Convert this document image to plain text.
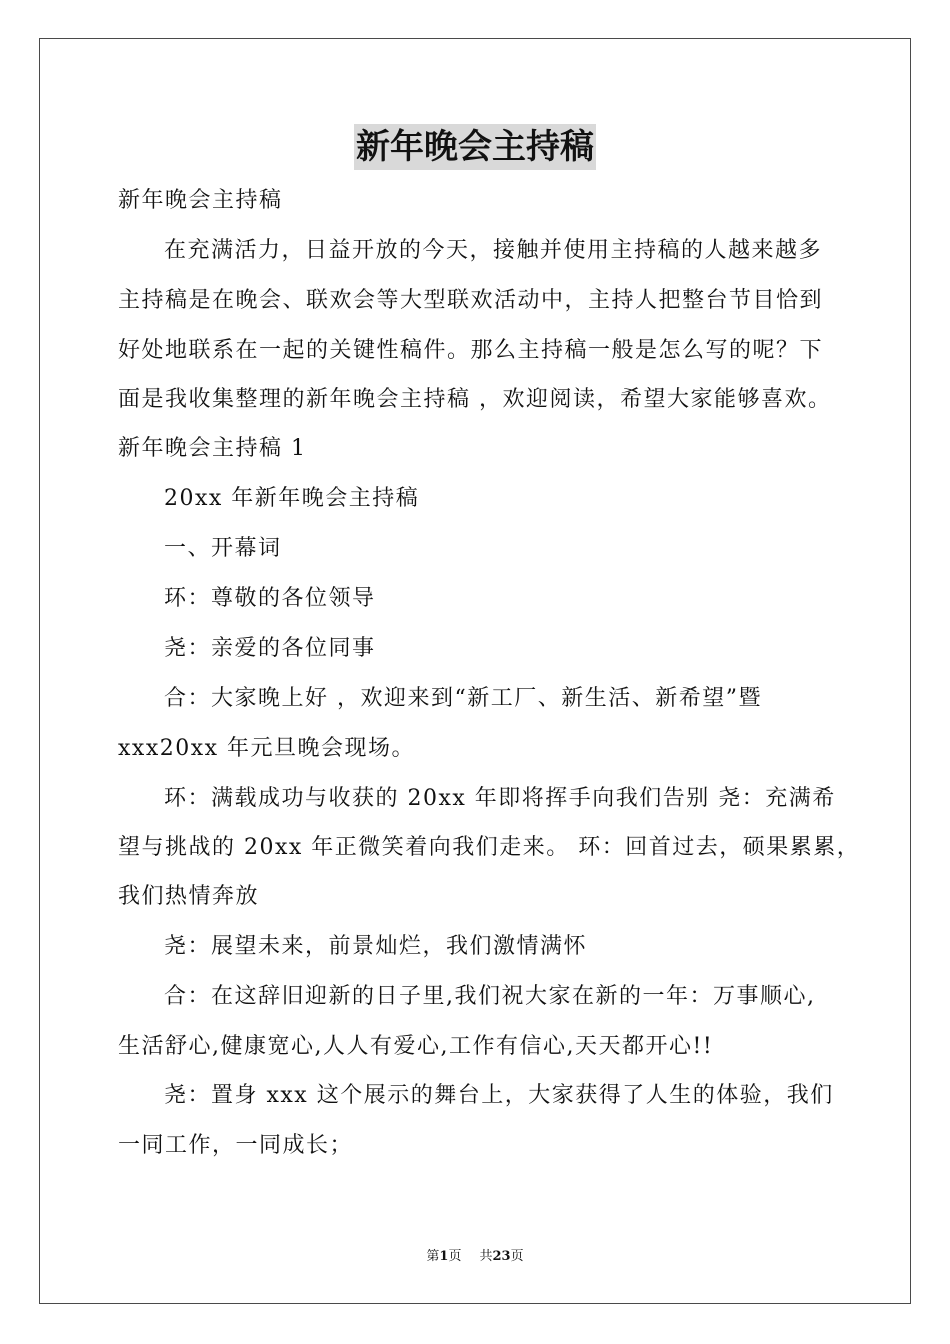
新年晚会主持稿
新年晚会主持稿
在充满活力，日益开放的今天，接触并使用主持稿的人越来越多
主持稿是在晚会、联欢会等大型联欢活动中，主持人把整台节目恰到
好处地联系在一起的关键性稿件。那么主持稿一般是怎么写的呢？下
面是我收集整理的新年晚会主持稿 ，欢迎阅读，希望大家能够喜欢。
新年晚会主持稿 1
20xx 年新年晚会主持稿
一、开幕词
环：尊敬的各位领导
尧：亲爱的各位同事
合：大家晚上好 ，欢迎来到“新工厂、新生活、新希望”暨
xxx20xx 年元旦晚会现场。
环：满载成功与收获的 20xx 年即将挥手向我们告别 尧：充满希
望与挑战的 20xx 年正微笑着向我们走来。 环：回首过去，硕果累累，
我们热情奔放
尧：展望未来，前景灿烂，我们激情满怀
合：在这辞旧迎新的日子里,我们祝大家在新的一年：万事顺心,
生活舒心,健康宽心,人人有爱心,工作有信心,天天都开心!!
尧：置身 xxx 这个展示的舞台上，大家获得了人生的体验，我们
一同工作，一同成长；
第1页 共23页
